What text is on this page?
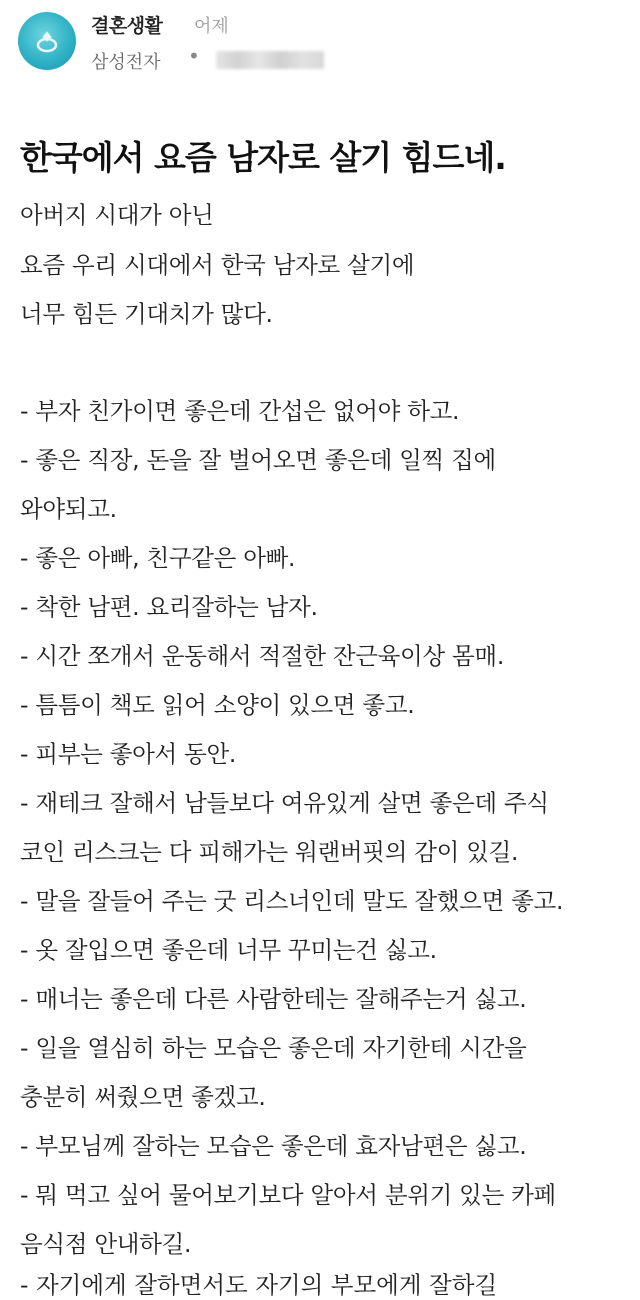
결혼생활 어제
삼성전자 •
한국에서 요즘 남자로 살기 힘드네.
아버지 시대가 아닌
요즘 우리 시대에서 한국 남자로 살기에
너무 힘든 기대치가 많다.
- 부자 친가이면 좋은데 간섭은 없어야 하고.
- 좋은 직장, 돈을 잘 벌어오면 좋은데 일찍 집에
와야되고.
- 좋은 아빠, 친구같은 아빠.
- 착한 남편. 요리잘하는 남자.
- 시간 쪼개서 운동해서 적절한 잔근육이상 몸매.
- 틈틈이 책도 읽어 소양이 있으면 좋고.
- 피부는 좋아서 동안.
- 재테크 잘해서 남들보다 여유있게 살면 좋은데 주식
코인 리스크는 다 피해가는 워랜버핏의 감이 있길.
- 말을 잘들어 주는 굿 리스너인데 말도 잘했으면 좋고.
- 옷 잘입으면 좋은데 너무 꾸미는건 싫고.
- 매너는 좋은데 다른 사람한테는 잘해주는거 싫고.
- 일을 열심히 하는 모습은 좋은데 자기한테 시간을
충분히 써줬으면 좋겠고.
- 부모님께 잘하는 모습은 좋은데 효자남편은 싫고.
- 뭐 먹고 싶어 물어보기보다 알아서 분위기 있는 카페
음식점 안내하길.
- 자기에게 잘하면서도 자기의 부모에게 잘하길
